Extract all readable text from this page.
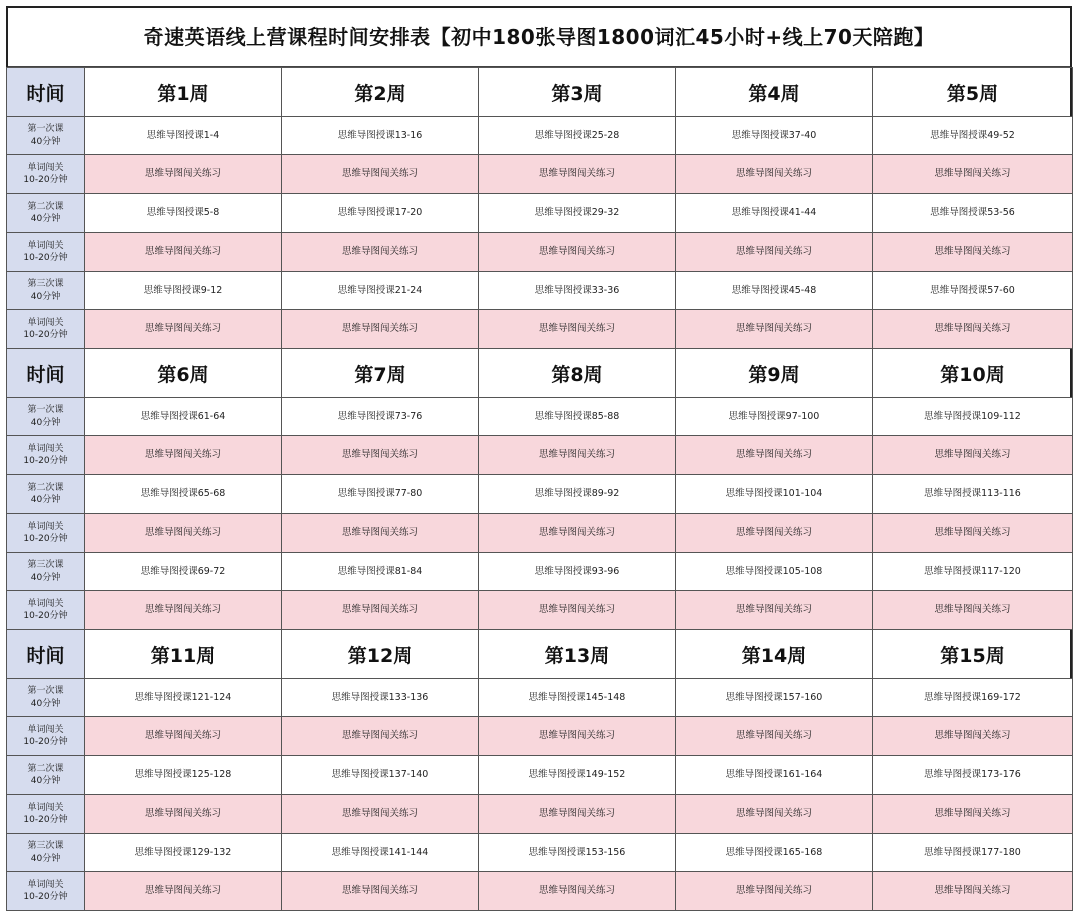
奇速英语线上营课程时间安排表【初中180张导图1800词汇45小时+线上70天陪跑】
时间	第1周	第2周	第3周	第4周	第5周

第一次课
40分钟	思维导图授课1-4	思维导图授课13-16	思维导图授课25-28	思维导图授课37-40	思维导图授课49-52

单词闯关
10-20分钟	思维导图闯关练习	思维导图闯关练习	思维导图闯关练习	思维导图闯关练习	思维导图闯关练习

第二次课
40分钟	思维导图授课5-8	思维导图授课17-20	思维导图授课29-32	思维导图授课41-44	思维导图授课53-56

单词闯关
10-20分钟	思维导图闯关练习	思维导图闯关练习	思维导图闯关练习	思维导图闯关练习	思维导图闯关练习

第三次课
40分钟	思维导图授课9-12	思维导图授课21-24	思维导图授课33-36	思维导图授课45-48	思维导图授课57-60

单词闯关
10-20分钟	思维导图闯关练习	思维导图闯关练习	思维导图闯关练习	思维导图闯关练习	思维导图闯关练习
时间	第6周	第7周	第8周	第9周	第10周

第一次课
40分钟	思维导图授课61-64	思维导图授课73-76	思维导图授课85-88	思维导图授课97-100	思维导图授课109-112

单词闯关
10-20分钟	思维导图闯关练习	思维导图闯关练习	思维导图闯关练习	思维导图闯关练习	思维导图闯关练习

第二次课
40分钟	思维导图授课65-68	思维导图授课77-80	思维导图授课89-92	思维导图授课101-104	思维导图授课113-116

单词闯关
10-20分钟	思维导图闯关练习	思维导图闯关练习	思维导图闯关练习	思维导图闯关练习	思维导图闯关练习

第三次课
40分钟	思维导图授课69-72	思维导图授课81-84	思维导图授课93-96	思维导图授课105-108	思维导图授课117-120

单词闯关
10-20分钟	思维导图闯关练习	思维导图闯关练习	思维导图闯关练习	思维导图闯关练习	思维导图闯关练习
时间	第11周	第12周	第13周	第14周	第15周

第一次课
40分钟	思维导图授课121-124	思维导图授课133-136	思维导图授课145-148	思维导图授课157-160	思维导图授课169-172

单词闯关
10-20分钟	思维导图闯关练习	思维导图闯关练习	思维导图闯关练习	思维导图闯关练习	思维导图闯关练习

第二次课
40分钟	思维导图授课125-128	思维导图授课137-140	思维导图授课149-152	思维导图授课161-164	思维导图授课173-176

单词闯关
10-20分钟	思维导图闯关练习	思维导图闯关练习	思维导图闯关练习	思维导图闯关练习	思维导图闯关练习

第三次课
40分钟	思维导图授课129-132	思维导图授课141-144	思维导图授课153-156	思维导图授课165-168	思维导图授课177-180

单词闯关
10-20分钟	思维导图闯关练习	思维导图闯关练习	思维导图闯关练习	思维导图闯关练习	思维导图闯关练习
